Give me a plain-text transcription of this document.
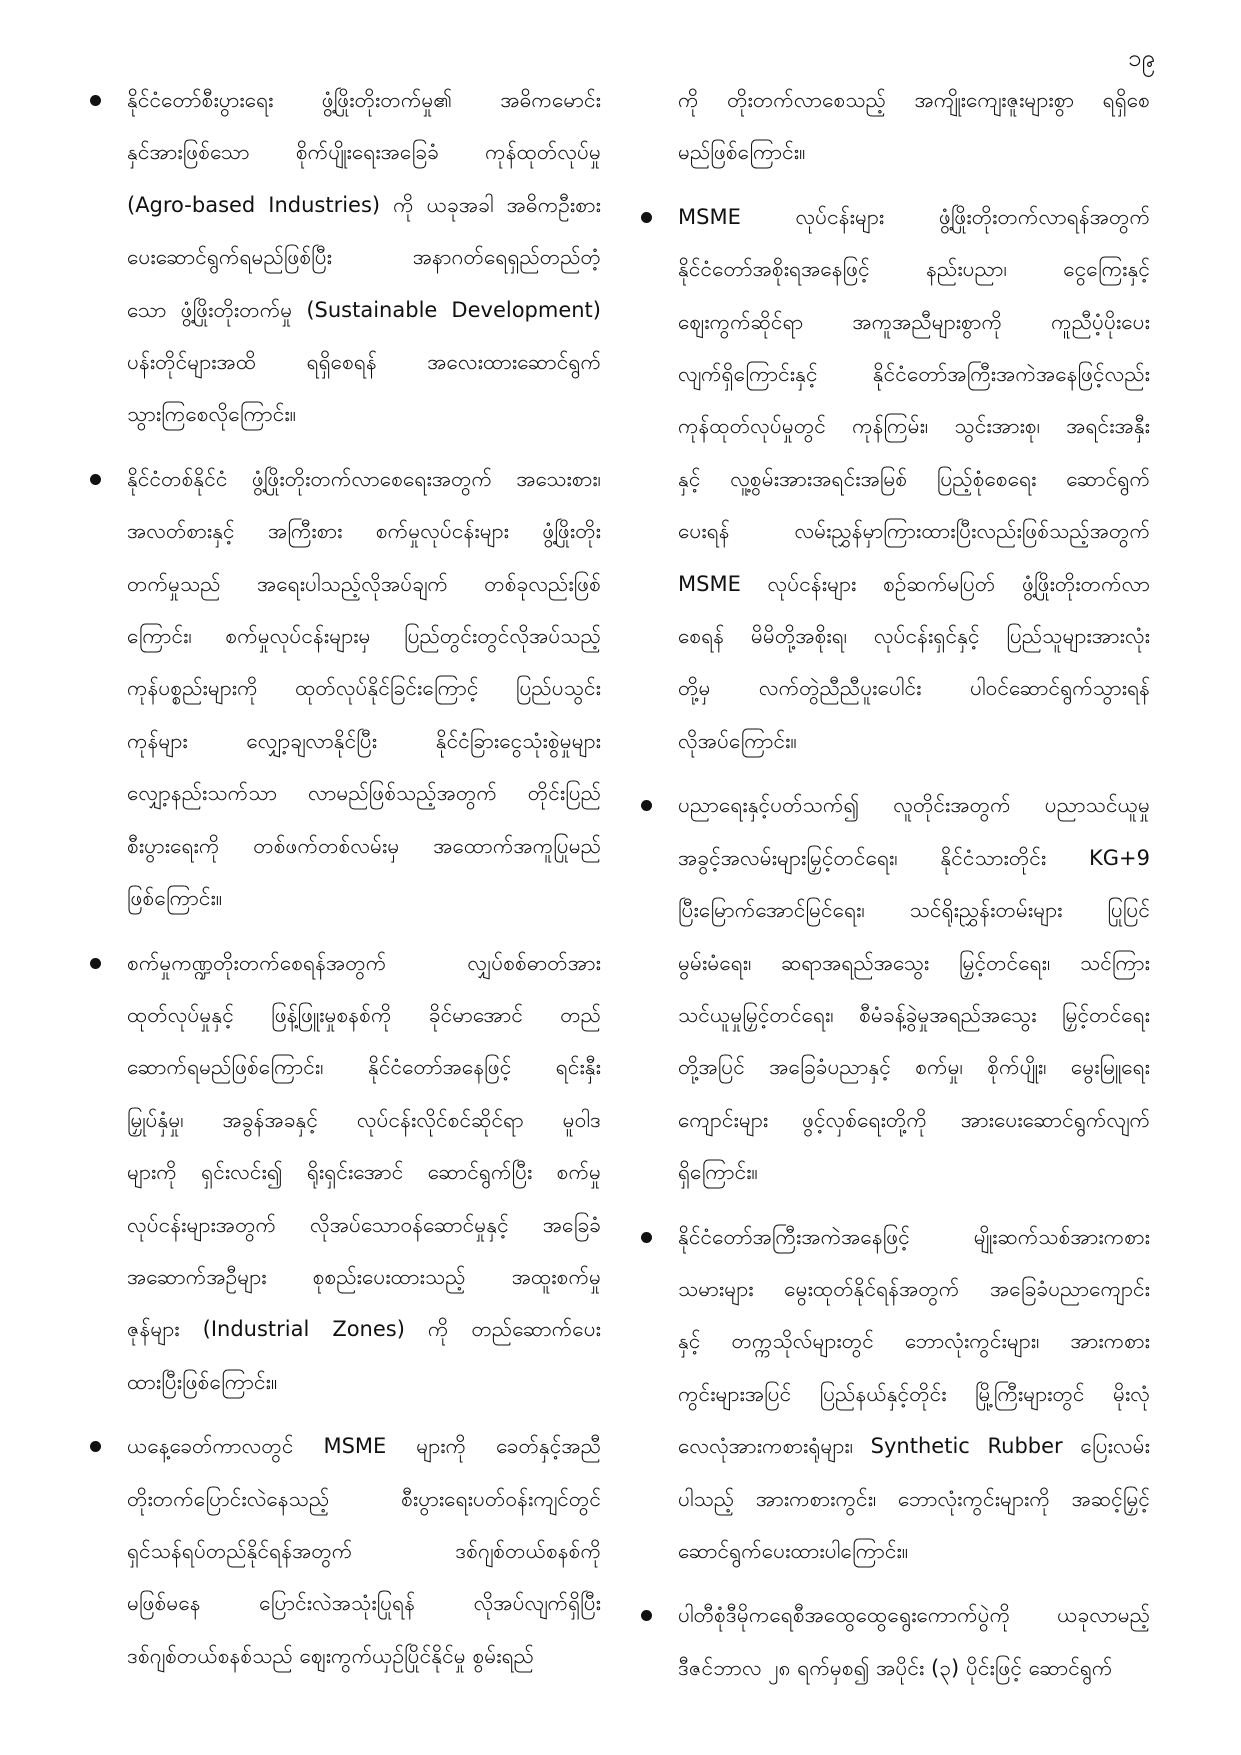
၁၉
နိုင်ငံတော်စီးပွားရေး ဖွံ့ဖြိုးတိုးတက်မှု၏ အဓိကမောင်း
နှင်အားဖြစ်သော စိုက်ပျိုးရေးအခြေခံ ကုန်ထုတ်လုပ်မှု
(Agro-based Industries) ကို ယခုအခါ အဓိကဦးစား
ပေးဆောင်ရွက်ရမည်ဖြစ်ပြီး အနာဂတ်ရေရှည်တည်တံ့
သော ဖွံ့ဖြိုးတိုးတက်မှု (Sustainable Development)
ပန်းတိုင်များအထိ ရရှိစေရန် အလေးထားဆောင်ရွက်
သွားကြစေလိုကြောင်း။
နိုင်ငံတစ်နိုင်ငံ ဖွံ့ဖြိုးတိုးတက်လာစေရေးအတွက် အသေးစား၊
အလတ်စားနှင့် အကြီးစား စက်မှုလုပ်ငန်းများ ဖွံ့ဖြိုးတိုး
တက်မှုသည် အရေးပါသည့်လိုအပ်ချက် တစ်ခုလည်းဖြစ်
ကြောင်း၊ စက်မှုလုပ်ငန်းများမှ ပြည်တွင်းတွင်လိုအပ်သည့်
ကုန်ပစ္စည်းများကို ထုတ်လုပ်နိုင်ခြင်းကြောင့် ပြည်ပသွင်း
ကုန်များ လျှော့ချလာနိုင်ပြီး နိုင်ငံခြားငွေသုံးစွဲမှုများ
လျှော့နည်းသက်သာ လာမည်ဖြစ်သည့်အတွက် တိုင်းပြည်
စီးပွားရေးကို တစ်ဖက်တစ်လမ်းမှ အထောက်အကူပြုမည်
ဖြစ်ကြောင်း။
စက်မှုကဏ္ဍတိုးတက်စေရန်အတွက် လျှပ်စစ်ဓာတ်အား
ထုတ်လုပ်မှုနှင့် ဖြန့်ဖြူးမှုစနစ်ကို ခိုင်မာအောင် တည်
ဆောက်ရမည်ဖြစ်ကြောင်း၊ နိုင်ငံတော်အနေဖြင့် ရင်းနှီး
မြှုပ်နှံမှု၊ အခွန်အခနှင့် လုပ်ငန်းလိုင်စင်ဆိုင်ရာ မူဝါဒ
များကို ရှင်းလင်း၍ ရိုးရှင်းအောင် ဆောင်ရွက်ပြီး စက်မှု
လုပ်ငန်းများအတွက် လိုအပ်သောဝန်ဆောင်မှုနှင့် အခြေခံ
အဆောက်အဦများ စုစည်းပေးထားသည့် အထူးစက်မှု
ဇုန်များ (Industrial Zones) ကို တည်ဆောက်ပေး
ထားပြီးဖြစ်ကြောင်း။
ယနေ့ခေတ်ကာလတွင် MSME များကို ခေတ်နှင့်အညီ
တိုးတက်ပြောင်းလဲနေသည့် စီးပွားရေးပတ်ဝန်းကျင်တွင်
ရှင်သန်ရပ်တည်နိုင်ရန်အတွက် ဒစ်ဂျစ်တယ်စနစ်ကို
မဖြစ်မနေ ပြောင်းလဲအသုံးပြုရန် လိုအပ်လျက်ရှိပြီး
ဒစ်ဂျစ်တယ်စနစ်သည် ဈေးကွက်ယှဉ်ပြိုင်နိုင်မှု စွမ်းရည်
ကို တိုးတက်လာစေသည့် အကျိုးကျေးဇူးများစွာ ရရှိစေ
မည်ဖြစ်ကြောင်း။
MSME လုပ်ငန်းများ ဖွံ့ဖြိုးတိုးတက်လာရန်အတွက်
နိုင်ငံတော်အစိုးရအနေဖြင့် နည်းပညာ၊ ငွေကြေးနှင့်
ဈေးကွက်ဆိုင်ရာ အကူအညီများစွာကို ကူညီပံ့ပိုးပေး
လျက်ရှိကြောင်းနှင့် နိုင်ငံတော်အကြီးအကဲအနေဖြင့်လည်း
ကုန်ထုတ်လုပ်မှုတွင် ကုန်ကြမ်း၊ သွင်းအားစု၊ အရင်းအနှီး
နှင့် လူ့စွမ်းအားအရင်းအမြစ် ပြည့်စုံစေရေး ဆောင်ရွက်
ပေးရန် လမ်းညွှန်မှာကြားထားပြီးလည်းဖြစ်သည့်အတွက်
MSME လုပ်ငန်းများ စဉ်ဆက်မပြတ် ဖွံ့ဖြိုးတိုးတက်လာ
စေရန် မိမိတို့အစိုးရ၊ လုပ်ငန်းရှင်နှင့် ပြည်သူများအားလုံး
တို့မှ လက်တွဲညီညီပူးပေါင်း ပါဝင်ဆောင်ရွက်သွားရန်
လိုအပ်ကြောင်း။
ပညာရေးနှင့်ပတ်သက်၍ လူတိုင်းအတွက် ပညာသင်ယူမှု
အခွင့်အလမ်းများမြှင့်တင်ရေး၊ နိုင်ငံသားတိုင်း KG+9
ပြီးမြောက်အောင်မြင်ရေး၊ သင်ရိုးညွှန်းတမ်းများ ပြုပြင်
မွမ်းမံရေး၊ ဆရာအရည်အသွေး မြှင့်တင်ရေး၊ သင်ကြား
သင်ယူမှုမြှင့်တင်ရေး၊ စီမံခန့်ခွဲမှုအရည်အသွေး မြှင့်တင်ရေး
တို့အပြင် အခြေခံပညာနှင့် စက်မှု၊ စိုက်ပျိုး၊ မွေးမြူရေး
ကျောင်းများ ဖွင့်လှစ်ရေးတို့ကို အားပေးဆောင်ရွက်လျက်
ရှိကြောင်း။
နိုင်ငံတော်အကြီးအကဲအနေဖြင့် မျိုးဆက်သစ်အားကစား
သမားများ မွေးထုတ်နိုင်ရန်အတွက် အခြေခံပညာကျောင်း
နှင့် တက္ကသိုလ်များတွင် ဘောလုံးကွင်းများ၊ အားကစား
ကွင်းများအပြင် ပြည်နယ်နှင့်တိုင်း မြို့ကြီးများတွင် မိုးလုံ
လေလုံအားကစားရုံများ၊ Synthetic Rubber ပြေးလမ်း
ပါသည့် အားကစားကွင်း၊ ဘောလုံးကွင်းများကို အဆင့်မြှင့်
ဆောင်ရွက်ပေးထားပါကြောင်း။
ပါတီစုံဒီမိုကရေစီအထွေထွေရွေးကောက်ပွဲကို ယခုလာမည့်
ဒီဇင်ဘာလ ၂၈ ရက်မှစ၍ အပိုင်း (၃) ပိုင်းဖြင့် ဆောင်ရွက်
